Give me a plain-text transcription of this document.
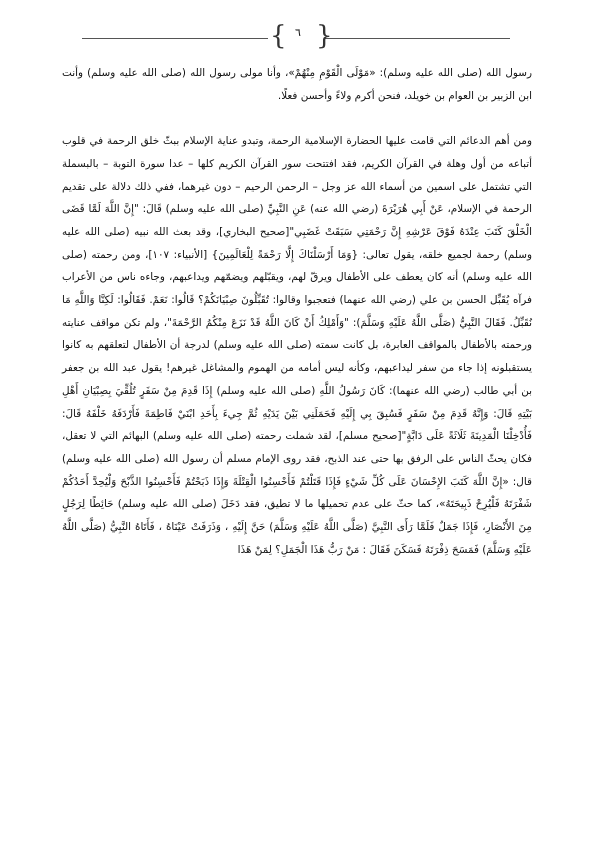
{ ٦ }

رسول الله (صلى الله عليه وسلم): «مَوْلَى الْقَوْمِ مِنْهُمْ»، وأنا مولى رسول الله (صلى الله عليه وسلم) وأنت ابن الزبير بن العوام بن خويلد، فنحن أكرم ولاءً وأحسن فعلًا.

ومن أهم الدعائم التي قامت عليها الحضارة الإسلامية الرحمة، وتبدو عناية الإسلام ببثّ خلق الرحمة في قلوب أتباعه من أول وهلة في القرآن الكريم، فقد افتتحت سور القرآن الكريم كلها – عدا سورة التوبة – بالبسملة التي تشتمل على اسمين من أسماء الله عز وجل – الرحمن الرحيم – دون غيرهما، ففي ذلك دلالة على تقديم الرحمة في الإسلام، عَنْ أَبِي هُرَيْرَةَ (رضي الله عنه) عَنِ النَّبِيِّ (صلى الله عليه وسلم) قَالَ: "إِنَّ اللَّهَ لَمَّا قَضَى الْخَلْقَ كَتَبَ عِنْدَهُ فَوْقَ عَرْشِهِ إِنَّ رَحْمَتِي سَبَقَتْ غَضَبِي"[صحيح البخاري]، وقد بعث الله نبيه (صلى الله عليه وسلم) رحمة لجميع خلقه، يقول تعالى: {وَمَا أَرْسَلْنَاكَ إِلَّا رَحْمَةً لِلْعَالَمِينَ} [الأنبياء: ١٠٧]، ومن رحمته (صلى الله عليه وسلم) أنه كان يعطف على الأطفال ويرقّ لهم، ويقبّلهم ويضمّهم ويداعبهم، وجاءه ناس من الأعراب فرآه يُقَبِّل الحسن بن علي (رضي الله عنهما) فتعجبوا وقالوا: تُقَبِّلُونَ صِبْيَانَكُمْ؟ قَالُوا: نَعَمْ. فَقَالُوا: لَكِنَّا وَاللَّهِ مَا نُقَبِّلُ. فَقَالَ النَّبِيُّ (صَلَّى اللَّهُ عَلَيْهِ وَسَلَّمَ): "وَأَمْلِكُ أَنْ كَانَ اللَّهُ قَدْ نَزَعَ مِنْكُمُ الرَّحْمَةَ"، ولم تكن مواقف عنايته ورحمته بالأطفال بالمواقف العابرة، بل كانت سمته (صلى الله عليه وسلم) لدرجة أن الأطفال لتعلقهم به كانوا يستقبلونه إذا جاء من سفر ليداعبهم، وكأنه ليس أمامه من الهموم والمشاغل غيرهم! يقول عبد الله بن جعفر بن أبي طالب (رضي الله عنهما): كَانَ رَسُولُ اللَّهِ (صلى الله عليه وسلم) إِذَا قَدِمَ مِنْ سَفَرٍ تُلُقِّيَ بِصِبْيَانِ أَهْلِ بَيْتِهِ قَالَ: وَإِنَّهُ قَدِمَ مِنْ سَفَرٍ فَسُبِقَ بِي إِلَيْهِ فَحَمَلَنِي بَيْنَ يَدَيْهِ ثُمَّ جِيءَ بِأَحَدِ ابْنَيْ فَاطِمَةَ فَأَرْدَفَهُ خَلْفَهُ قَالَ: فَأُدْخِلْنَا الْمَدِينَةَ ثَلَاثَةً عَلَى دَابَّةٍ"[صحيح مسلم]، لقد شملت رحمته (صلى الله عليه وسلم) البهائم التي لا تعقل، فكان يحثّ الناس على الرفق بها حتى عند الذبح، فقد روى الإمام مسلم أن رسول الله (صلى الله عليه وسلم) قال: «إِنَّ اللَّهَ كَتَبَ الإِحْسَانَ عَلَى كُلِّ شَيْءٍ فَإِذَا قَتَلْتُمْ فَأَحْسِنُوا الْقِتْلَةَ وَإِذَا ذَبَحْتُمْ فَأَحْسِنُوا الذَّبْحَ وَلْيُحِدَّ أَحَدُكُمْ شَفْرَتَهُ فَلْيُرِحْ ذَبِيحَتَهُ»، كما حثّ على عدم تحميلها ما لا تطيق، فقد دَخَلَ (صلى الله عليه وسلم) حَائِطًا لِرَجُلٍ مِنَ الأَنْصَارِ، فَإِذَا جَمَلٌ فَلَمَّا رَأَى النَّبِيَّ (صَلَّى اللَّهُ عَلَيْهِ وَسَلَّمَ) حَنَّ إِلَيْهِ ، وَذَرَفَتْ عَيْنَاهُ ، فَأَتَاهُ النَّبِيُّ (صَلَّى اللَّهُ عَلَيْهِ وَسَلَّمَ) فَمَسَحَ ذِفْرَتَهُ فَسَكَنَ فَقَالَ : مَنْ رَبُّ هَذَا الْجَمَلِ؟ لِمَنْ هَذَا
